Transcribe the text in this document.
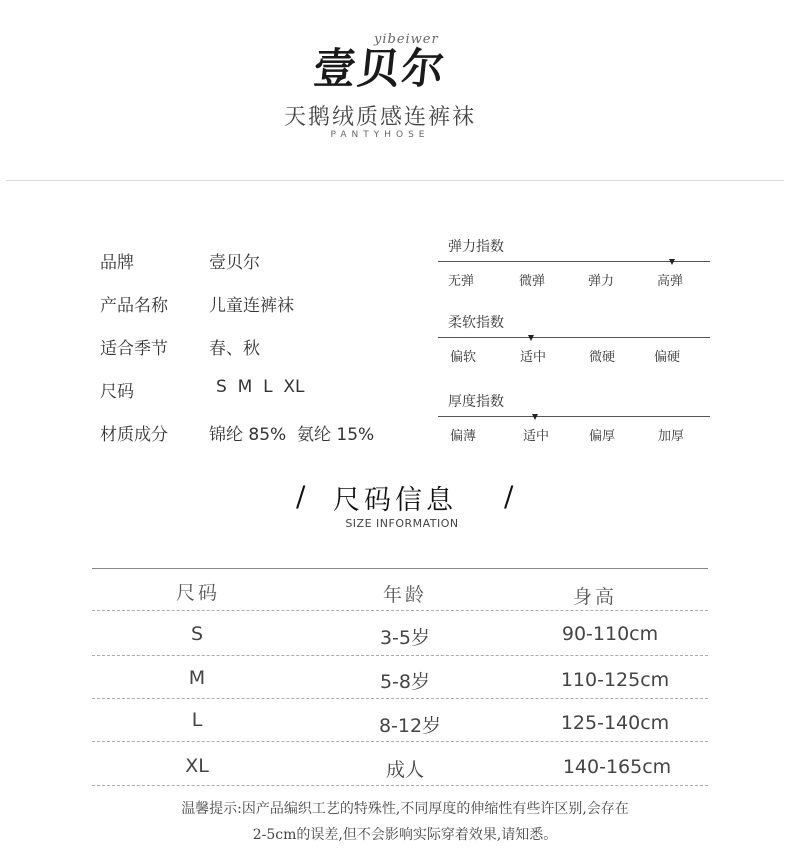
壹贝尔
yibeiwer
天鹅绒质感连裤袜
PANTYHOSE
品牌	壹贝尔
产品名称 儿童连裤袜
适合季节 春、秋
尺码	S  M  L  XL
材质成分 锦纶 85%  氨纶 15%
弹力指数
无弹	微弹	弹力	高弹
柔软指数
偏软	适中	微硬	偏硬
厚度指数
偏薄	适中	偏厚	加厚
/	尺码信息	/
SIZE INFORMATION
尺码	年龄	身高
S	3-5岁	90-110cm
M	5-8岁	110-125cm
L	8-12岁	125-140cm
XL	成人	140-165cm
温馨提示:因产品编织工艺的特殊性,不同厚度的伸缩性有些许区别,会存在
2-5cm的误差,但不会影响实际穿着效果,请知悉。
